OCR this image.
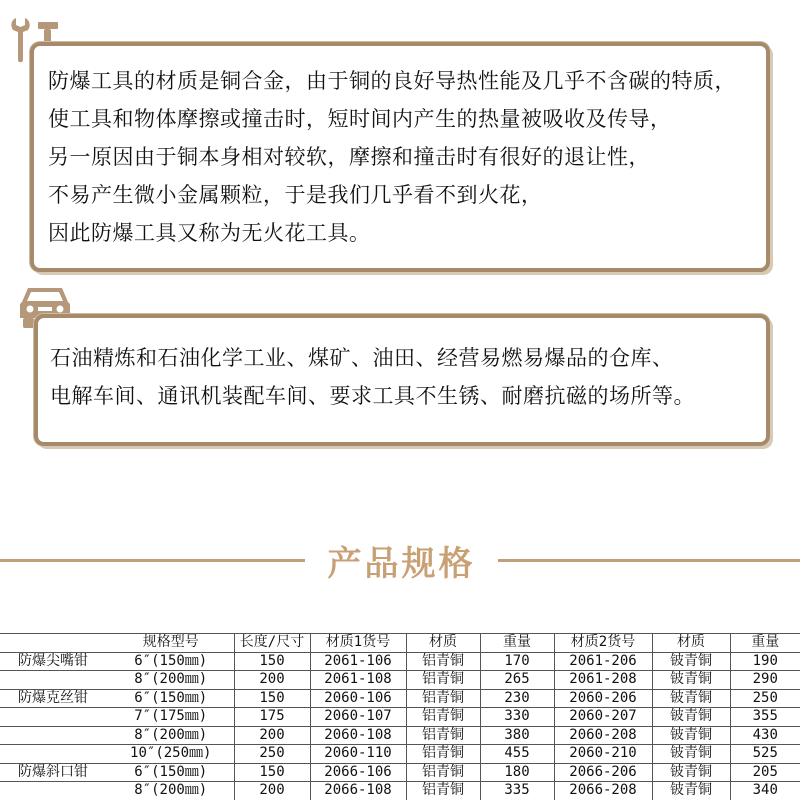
防爆工具的材质是铜合金，由于铜的良好导热性能及几乎不含碳的特质，
使工具和物体摩擦或撞击时，短时间内产生的热量被吸收及传导，
另一原因由于铜本身相对较软，摩擦和撞击时有很好的退让性，
不易产生微小金属颗粒，于是我们几乎看不到火花，
因此防爆工具又称为无火花工具。
石油精炼和石油化学工业、煤矿、油田、经营易燃易爆品的仓库、
电解车间、通讯机装配车间、要求工具不生锈、耐磨抗磁的场所等。
产品规格
	规格型号	长度/尺寸	材质1货号	材质	重量	材质2货号	材质	重量
防爆尖嘴钳	6″(150㎜)	150	2061-106	铝青铜	170	2061-206	铍青铜	190
	8″(200㎜)	200	2061-108	铝青铜	265	2061-208	铍青铜	290
防爆克丝钳	6″(150㎜)	150	2060-106	铝青铜	230	2060-206	铍青铜	250
	7″(175㎜)	175	2060-107	铝青铜	330	2060-207	铍青铜	355
	8″(200㎜)	200	2060-108	铝青铜	380	2060-208	铍青铜	430
	10″(250㎜)	250	2060-110	铝青铜	455	2060-210	铍青铜	525
防爆斜口钳	6″(150㎜)	150	2066-106	铝青铜	180	2066-206	铍青铜	205
	8″(200㎜)	200	2066-108	铝青铜	335	2066-208	铍青铜	340
